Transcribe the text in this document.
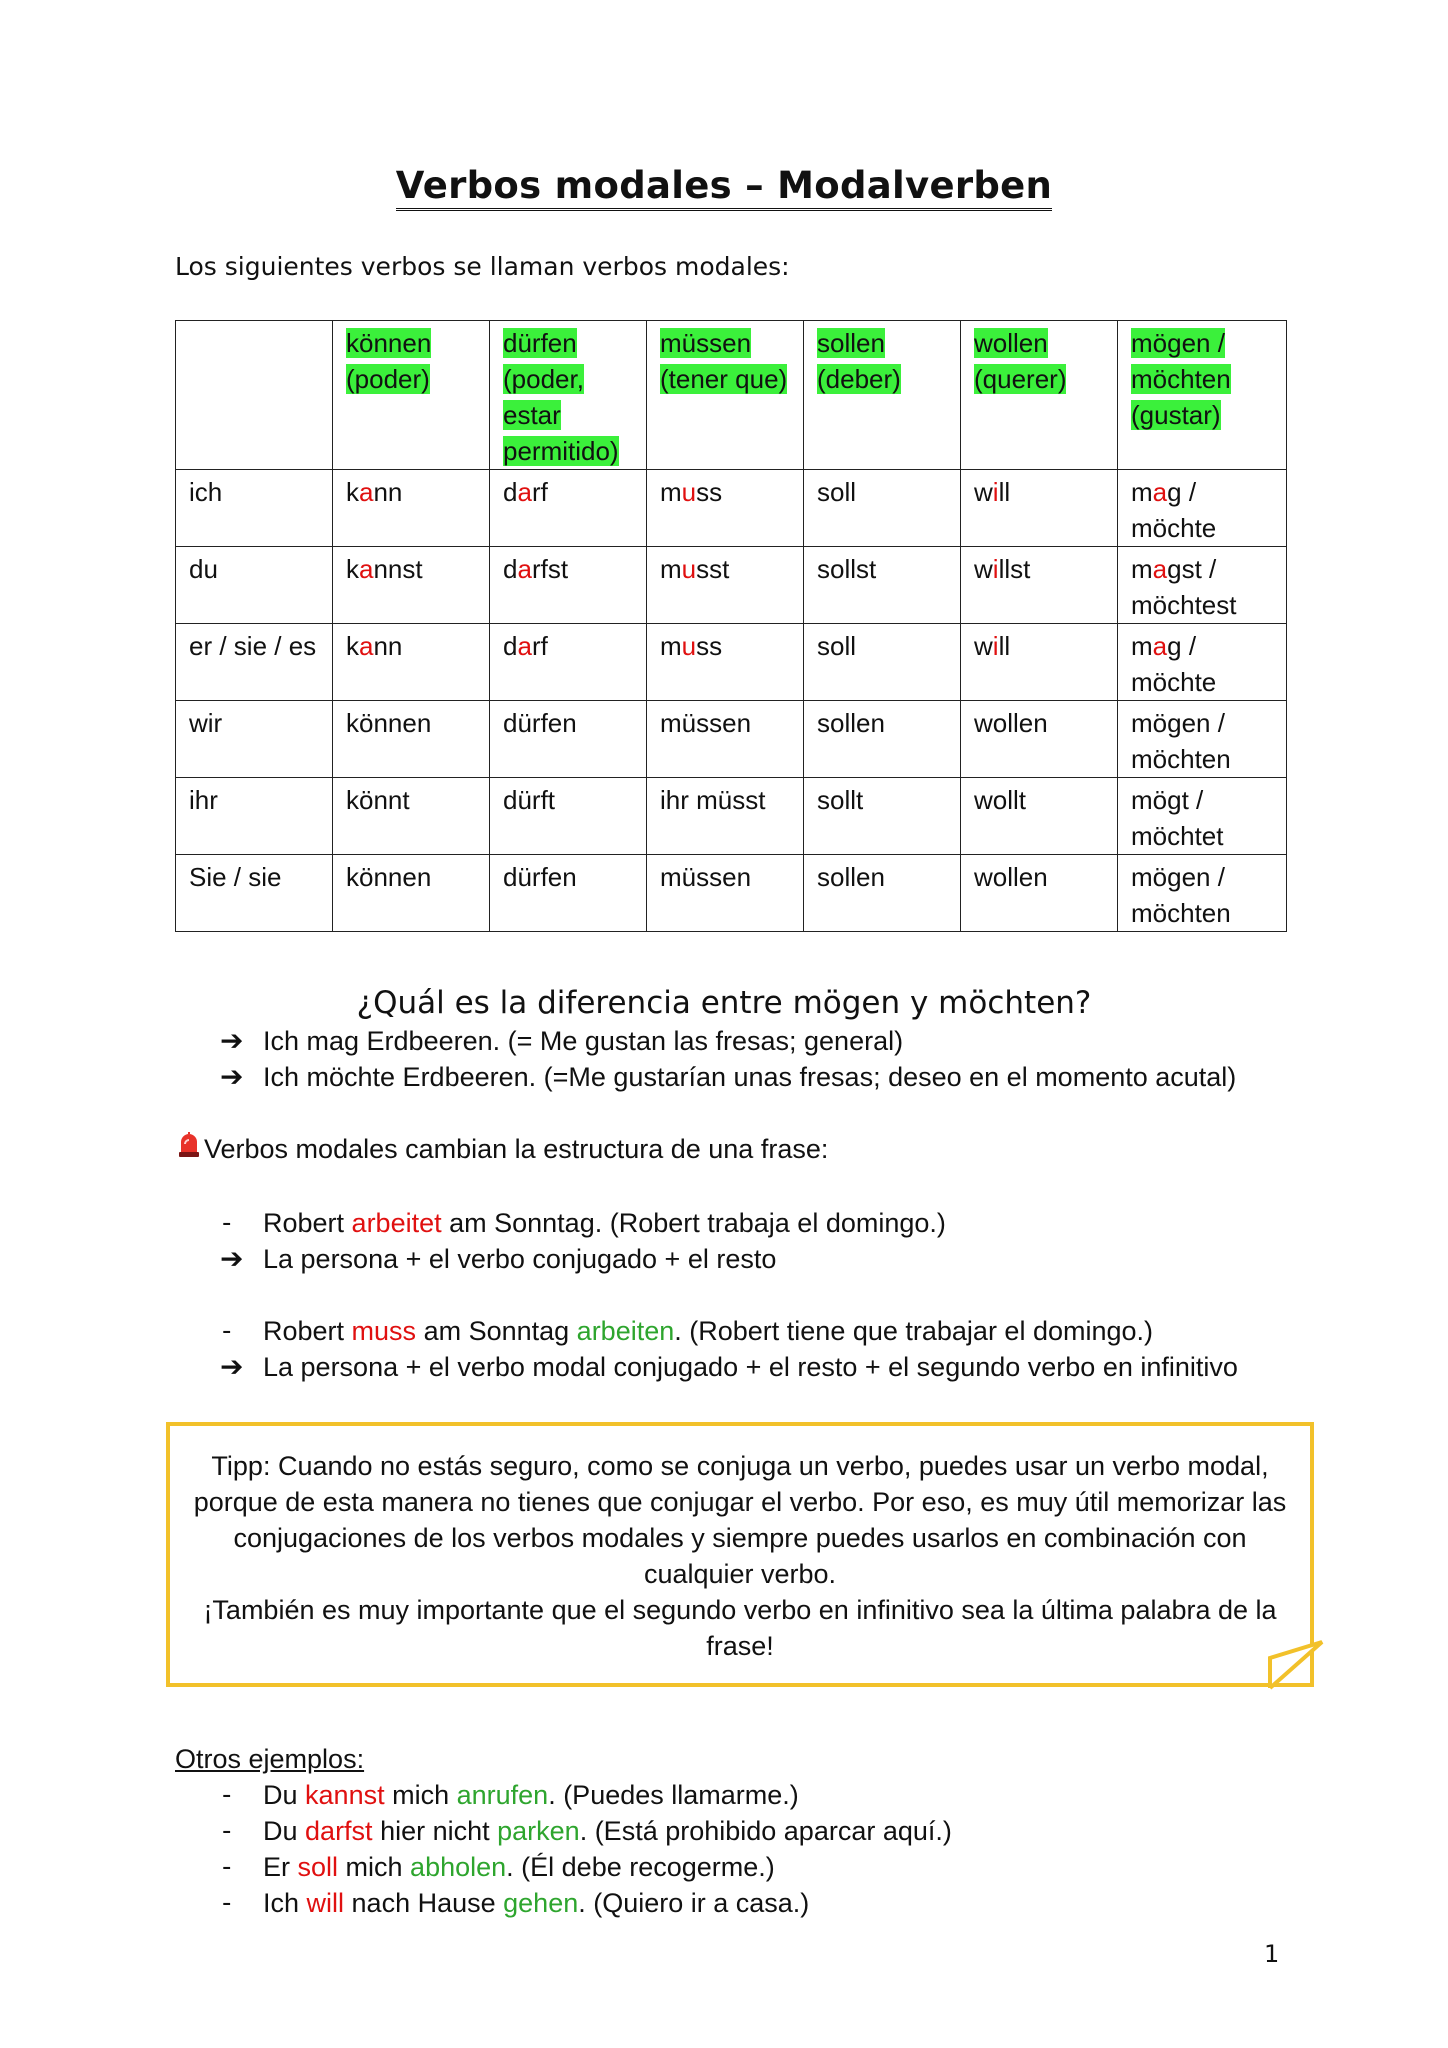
Verbos modales – Modalverben
Los siguientes verbos se llaman verbos modales:
	können (poder)	dürfen (poder, estar permitido)	müssen (tener que)	sollen (deber)	wollen (querer)	mögen / möchten (gustar)
ich	kann	darf	muss	soll	will	mag / möchte
du	kannst	darfst	musst	sollst	willst	magst / möchtest
er / sie / es	kann	darf	muss	soll	will	mag / möchte
wir	können	dürfen	müssen	sollen	wollen	mögen / möchten
ihr	könnt	dürft	ihr müsst	sollt	wollt	mögt / möchtet
Sie / sie	können	dürfen	müssen	sollen	wollen	mögen / möchten
¿Quál es la diferencia entre mögen y möchten?
➔ Ich mag Erdbeeren. (= Me gustan las fresas; general)
➔ Ich möchte Erdbeeren. (=Me gustarían unas fresas; deseo en el momento acutal)
Verbos modales cambian la estructura de una frase:
- Robert arbeitet am Sonntag. (Robert trabaja el domingo.)
➔ La persona + el verbo conjugado + el resto
- Robert muss am Sonntag arbeiten. (Robert tiene que trabajar el domingo.)
➔ La persona + el verbo modal conjugado + el resto + el segundo verbo en infinitivo
Tipp: Cuando no estás seguro, como se conjuga un verbo, puedes usar un verbo modal, porque de esta manera no tienes que conjugar el verbo. Por eso, es muy útil memorizar las conjugaciones de los verbos modales y siempre puedes usarlos en combinación con cualquier verbo.
¡También es muy importante que el segundo verbo en infinitivo sea la última palabra de la frase!
Otros ejemplos:
- Du kannst mich anrufen. (Puedes llamarme.)
- Du darfst hier nicht parken. (Está prohibido aparcar aquí.)
- Er soll mich abholen. (Él debe recogerme.)
- Ich will nach Hause gehen. (Quiero ir a casa.)
1
